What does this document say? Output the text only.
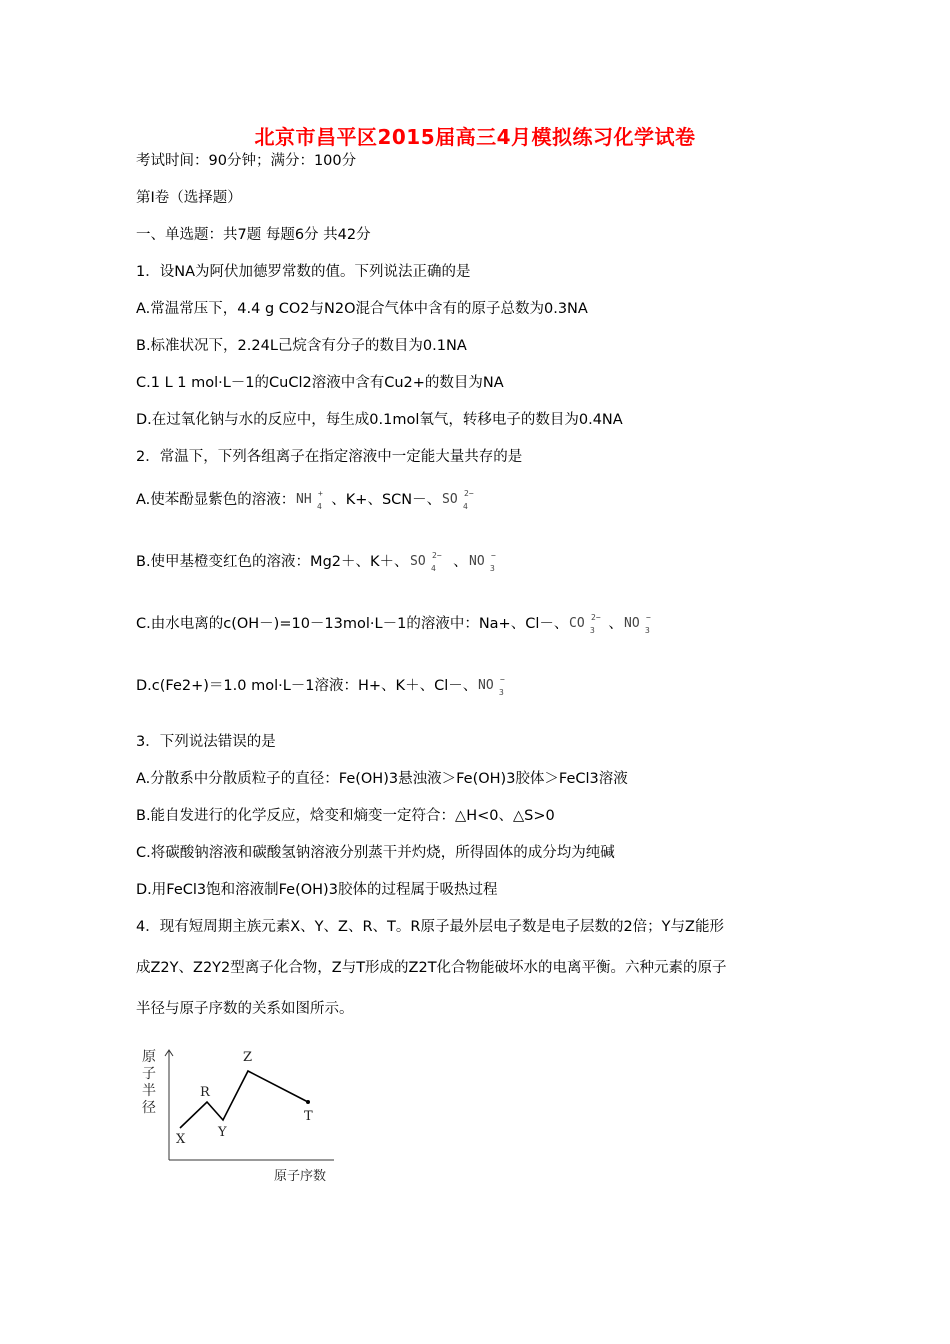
北京市昌平区2015届高三4月模拟练习化学试卷
考试时间：90分钟；满分：100分
第I卷（选择题）
一、单选题：共7题 每题6分 共42分
1．设NA为阿伏加德罗常数的值。下列说法正确的是
A.常温常压下，4.4 g CO2与N2O混合气体中含有的原子总数为0.3NA
B.标准状况下，2.24L己烷含有分子的数目为0.1NA
C.1 L 1 mol·L－1的CuCl2溶液中含有Cu2+的数目为NA
D.在过氧化钠与水的反应中，每生成0.1mol氧气，转移电子的数目为0.4NA
2．常温下，下列各组离子在指定溶液中一定能大量共存的是
A.使苯酚显紫色的溶液： NH 4
+ 、K+、SCN－、 SO 4
2−
B.使甲基橙变红色的溶液：Mg2＋、K＋、 SO 4
2− 、 NO 3
−
C.由水电离的c(OH－)=10－13mol·L－1的溶液中：Na+、Cl－、 CO 3
2− 、 NO 3
−
D.c(Fe2+)＝1.0 mol·L－1溶液：H+、K＋、Cl－、 NO 3
−
3．下列说法错误的是
A.分散系中分散质粒子的直径：Fe(OH)3悬浊液＞Fe(OH)3胶体＞FeCl3溶液
B.能自发进行的化学反应，焓变和熵变一定符合：△H<0、△S>0
C.将碳酸钠溶液和碳酸氢钠溶液分别蒸干并灼烧，所得固体的成分均为纯碱
D.用FeCl3饱和溶液制Fe(OH)3胶体的过程属于吸热过程
4．现有短周期主族元素X、Y、Z、R、T。R原子最外层电子数是电子层数的2倍；Y与Z能形
成Z2Y、Z2Y2型离子化合物，Z与T形成的Z2T化合物能破坏水的电离平衡。六种元素的原子
半径与原子序数的关系如图所示。
原
子
半
径
X
R
Y
Z
T
原子序数
